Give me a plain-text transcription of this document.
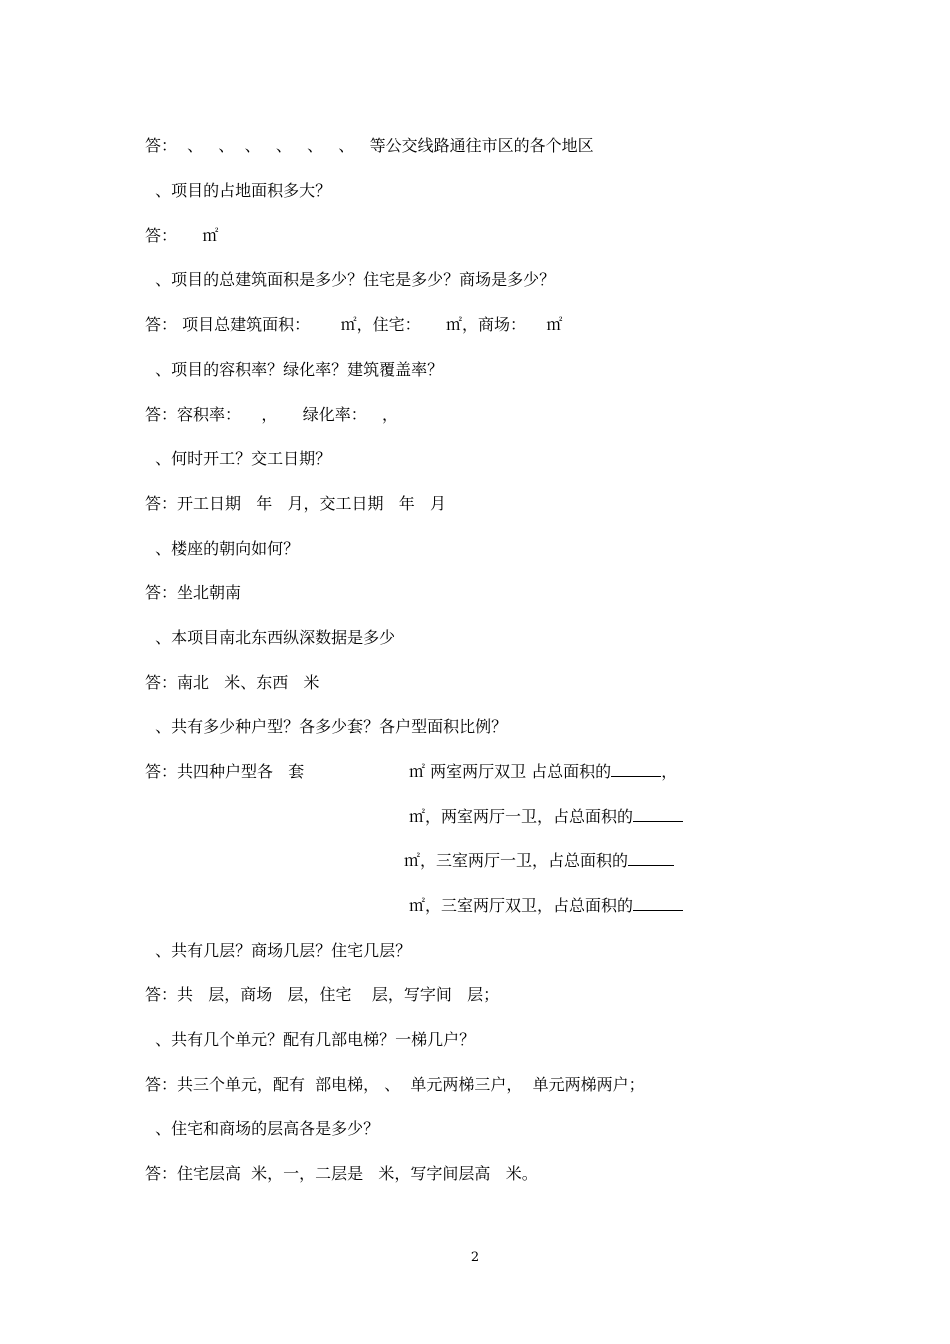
答：  、   、  、   、   、   、   等公交线路通往市区的各个地区
、项目的占地面积多大？
答：     ㎡
、项目的总建筑面积是多少？住宅是多少？商场是多少？
答： 项目总建筑面积：      ㎡，住宅：     ㎡，商场：    ㎡
、项目的容积率？绿化率？建筑覆盖率？
答：容积率：    ，     绿化率：   ，
、何时开工？交工日期？
答：开工日期   年   月，交工日期   年   月
、楼座的朝向如何？
答：坐北朝南
、本项目南北东西纵深数据是多少
答：南北   米、东西   米
、共有多少种户型？各多少套？各户型面积比例？
答：共四种户型各   套	㎡ 两室两厅双卫 占总面积的	，
㎡，两室两厅一卫，占总面积的
㎡，三室两厅一卫，占总面积的
㎡，三室两厅双卫，占总面积的
、共有几层？商场几层？住宅几层？
答：共   层，商场   层，住宅    层，写字间   层；
、共有几个单元？配有几部电梯？一梯几户？
答：共三个单元，配有  部电梯， 、  单元两梯三户，  单元两梯两户；
、住宅和商场的层高各是多少？
答：住宅层高  米，一，二层是   米，写字间层高   米。
2
